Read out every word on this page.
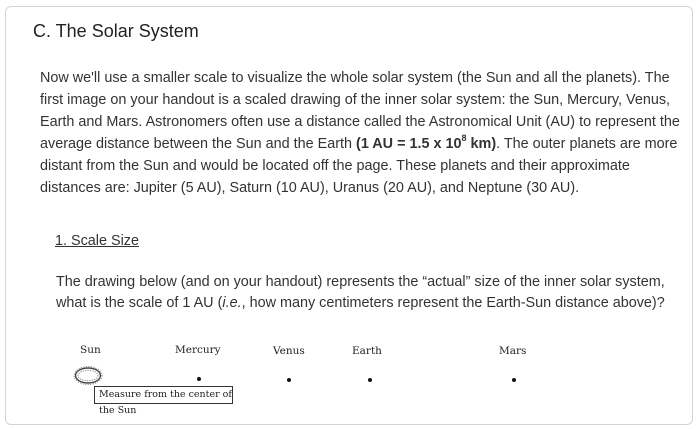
C. The Solar System
Now we'll use a smaller scale to visualize the whole solar system (the Sun and all the planets). The first image on your handout is a scaled drawing of the inner solar system: the Sun, Mercury, Venus, Earth and Mars. Astronomers often use a distance called the Astronomical Unit (AU) to represent the average distance between the Sun and the Earth (1 AU = 1.5 x $10^8$ km). The outer planets are more distant from the Sun and would be located off the page. These planets and their approximate distances are: Jupiter (5 AU), Saturn (10 AU), Uranus (20 AU), and Neptune (30 AU).
1. Scale Size
The drawing below (and on your handout) represents the “actual” size of the inner solar system, what is the scale of 1 AU (i.e., how many centimeters represent the Earth-Sun distance above)?
Sun	Mercury	Venus	Earth	Mars
Measure from the center of the Sun
